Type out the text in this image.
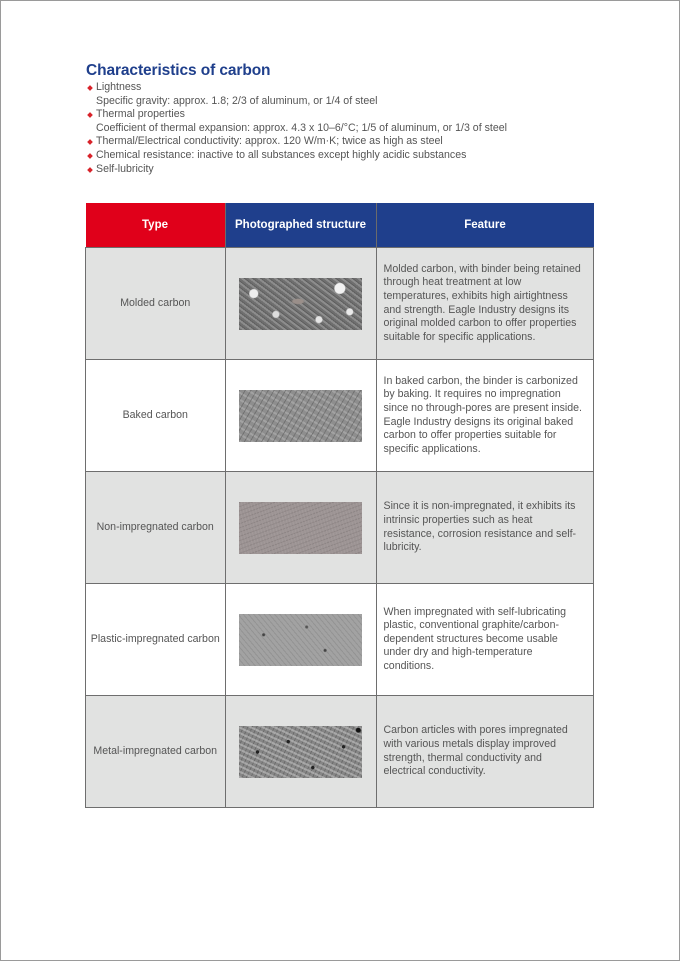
Characteristics of carbon
Lightness
Specific gravity: approx. 1.8; 2/3 of aluminum, or 1/4 of steel
Thermal properties
Coefficient of thermal expansion: approx. 4.3 x 10–6/°C; 1/5 of aluminum, or 1/3 of steel
Thermal/Electrical conductivity: approx. 120 W/m·K; twice as high as steel
Chemical resistance: inactive to all substances except highly acidic substances
Self-lubricity
Type	Photographed structure	Feature
Molded carbon		Molded carbon, with binder being retained through heat treatment at low temperatures, exhibits high airtightness and strength. Eagle Industry designs its original molded carbon to offer properties suitable for specific applications.
Baked carbon		In baked carbon, the binder is carbonized by baking. It requires no impregnation since no through-pores are present inside. Eagle Industry designs its original baked carbon to offer properties suitable for specific applications.
Non-impregnated carbon		Since it is non-impregnated, it exhibits its intrinsic properties such as heat resistance, corrosion resistance and self-lubricity.
Plastic-impregnated carbon		When impregnated with self-lubricating plastic, conventional graphite/carbon-dependent structures become usable under dry and high-temperature conditions.
Metal-impregnated carbon		Carbon articles with pores impregnated with various metals display improved strength, thermal conductivity and electrical conductivity.
